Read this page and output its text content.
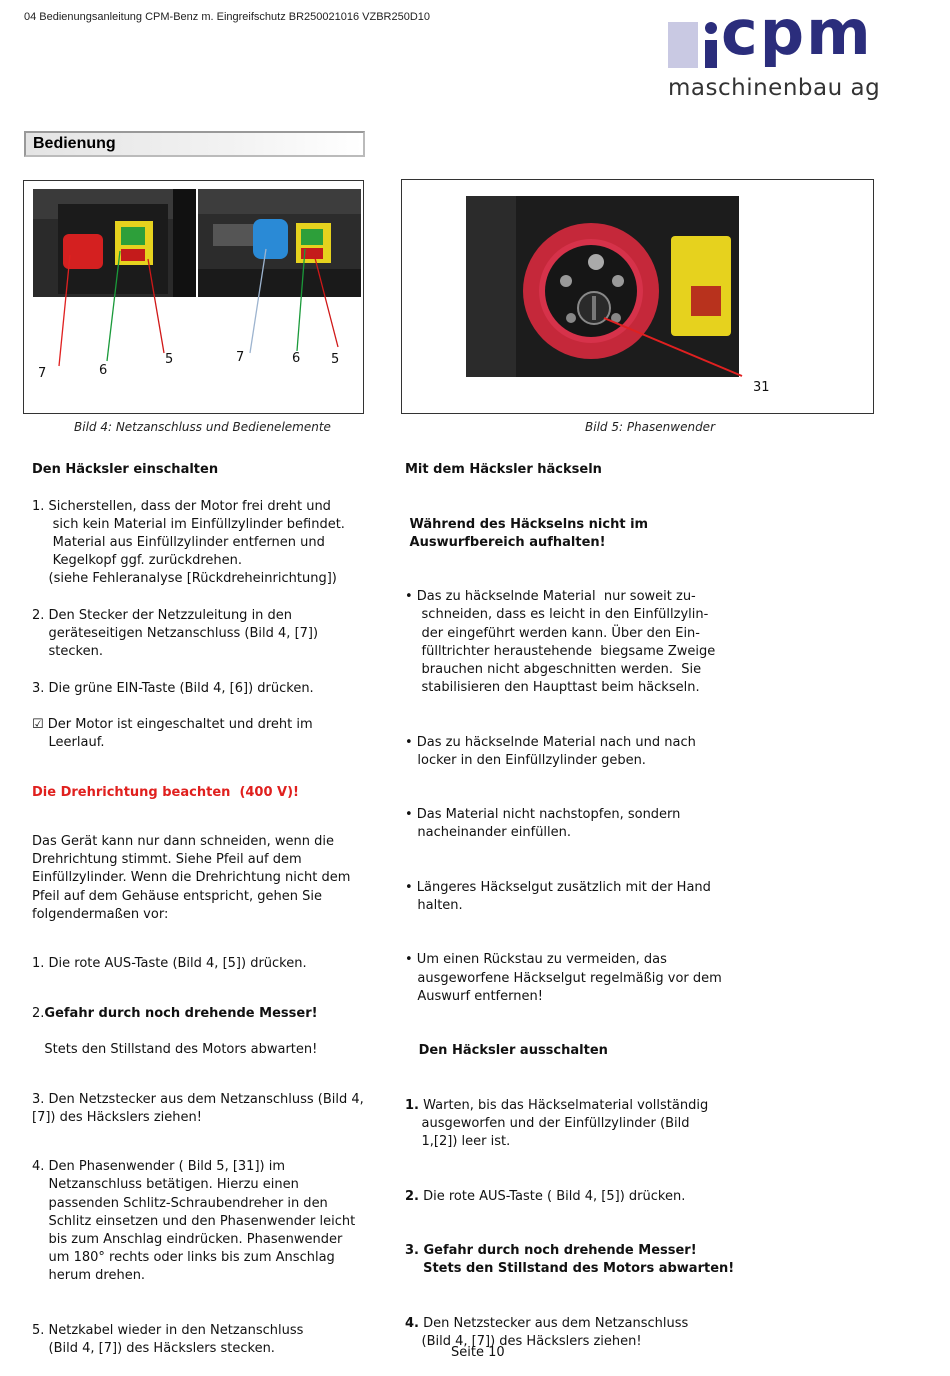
04 Bedienungsanleitung CPM-Benz m. Eingreifschutz BR250021016 VZBR250D10	cpm
maschinenbau ag
Bedienung
7	6
5	7	6 5
Bild 4: Netzanschluss und Bedienelemente
31
Bild 5: Phasenwender

Den Häcksler einschalten

1. Sicherstellen, dass der Motor frei dreht und
sich kein Material im Einfüllzylinder befindet.
Material aus Einfüllzylinder entfernen und
Kegelkopf ggf. zurückdrehen.
(siehe Fehleranalyse [Rückdreheinrichtung])

2. Den Stecker der Netzzuleitung in den
geräteseitigen Netzanschluss (Bild 4, [7])
stecken.

3. Die grüne EIN-Taste (Bild 4, [6]) drücken.

☑ Der Motor ist eingeschaltet und dreht im
Leerlauf.

Die Drehrichtung beachten  (400 V)!

Das Gerät kann nur dann schneiden, wenn die
Drehrichtung stimmt. Siehe Pfeil auf dem
Einfüllzylinder. Wenn die Drehrichtung nicht dem
Pfeil auf dem Gehäuse entspricht, gehen Sie
folgendermaßen vor:

1. Die rote AUS-Taste (Bild 4, [5]) drücken.

2.Gefahr durch noch drehende Messer!

Stets den Stillstand des Motors abwarten!

3. Den Netzstecker aus dem Netzanschluss (Bild 4,
[7]) des Häckslers ziehen!

4. Den Phasenwender ( Bild 5, [31]) im
Netzanschluss betätigen. Hierzu einen
passenden Schlitz-Schraubendreher in den
Schlitz einsetzen und den Phasenwender leicht
bis zum Anschlag eindrücken. Phasenwender
um 180° rechts oder links bis zum Anschlag
herum drehen.

5. Netzkabel wieder in den Netzanschluss
(Bild 4, [7]) des Häckslers stecken.

Mit dem Häcksler häckseln

Während des Häckselns nicht im
Auswurfbereich aufhalten!

• Das zu häckselnde Material  nur soweit zu-
schneiden, dass es leicht in den Einfüllzylin-
der eingeführt werden kann. Über den Ein-
fülltrichter heraustehende  biegsame Zweige
brauchen nicht abgeschnitten werden.  Sie
stabilisieren den Haupttast beim häckseln.

• Das zu häckselnde Material nach und nach
locker in den Einfüllzylinder geben.

• Das Material nicht nachstopfen, sondern
nacheinander einfüllen.

• Längeres Häckselgut zusätzlich mit der Hand
halten.

• Um einen Rückstau zu vermeiden, das
ausgeworfene Häckselgut regelmäßig vor dem
Auswurf entfernen!

Den Häcksler ausschalten

1. Warten, bis das Häckselmaterial vollständig
ausgeworfen und der Einfüllzylinder (Bild
1,[2]) leer ist.

2. Die rote AUS-Taste ( Bild 4, [5]) drücken.

3. Gefahr durch noch drehende Messer!
Stets den Stillstand des Motors abwarten!

4. Den Netzstecker aus dem Netzanschluss
(Bild 4, [7]) des Häckslers ziehen!

Seite 10
